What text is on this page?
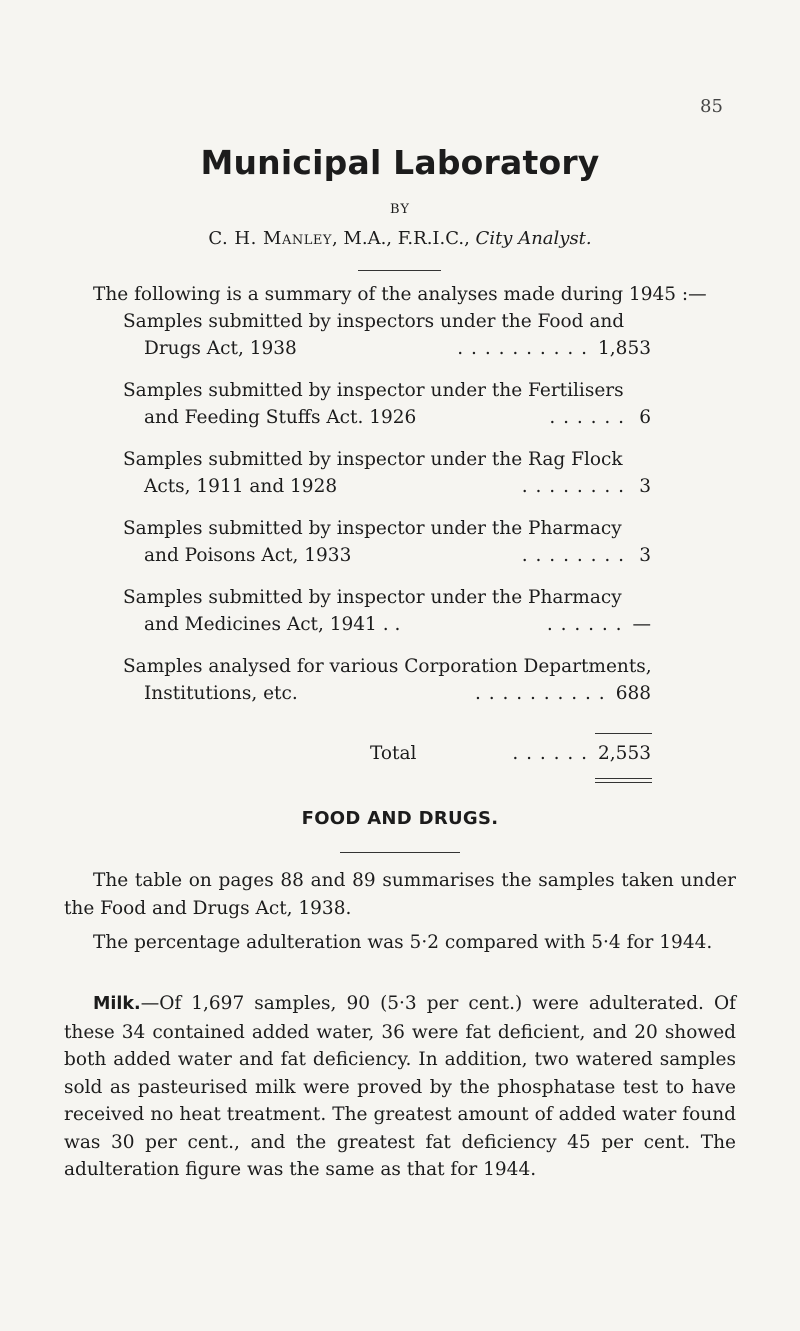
85
Municipal Laboratory
BY
C. H. Manley, M.A., F.R.I.C., City Analyst.
The following is a summary of the analyses made during 1945 :—
Samples submitted by inspectors under the Food and
Drugs Act, 1938	. . . . . . . . . . 1,853
Samples submitted by inspector under the Fertilisers
and Feeding Stuffs Act. 1926	. . . . . . 6
Samples submitted by inspector under the Rag Flock
Acts, 1911 and 1928	. . . . . . . . 3
Samples submitted by inspector under the Pharmacy
and Poisons Act, 1933	. . . . . . . . 3
Samples submitted by inspector under the Pharmacy
and Medicines Act, 1941 . .	. . . . . . —
Samples analysed for various Corporation Departments,
Institutions, etc.	. . . . . . . . . . 688
Total	. . . . . . 2,553
FOOD AND DRUGS.

The table on pages 88 and 89 summarises the samples taken under the Food and Drugs Act, 1938.

The percentage adulteration was 5·2 compared with 5·4 for 1944.

Milk.—Of 1,697 samples, 90 (5·3 per cent.) were adulterated. Of these 34 contained added water, 36 were fat deficient, and 20 showed both added water and fat deficiency. In addition, two watered samples sold as pasteurised milk were proved by the phosphatase test to have received no heat treatment. The greatest amount of added water found was 30 per cent., and the greatest fat deficiency 45 per cent. The adulteration figure was the same as that for 1944.
